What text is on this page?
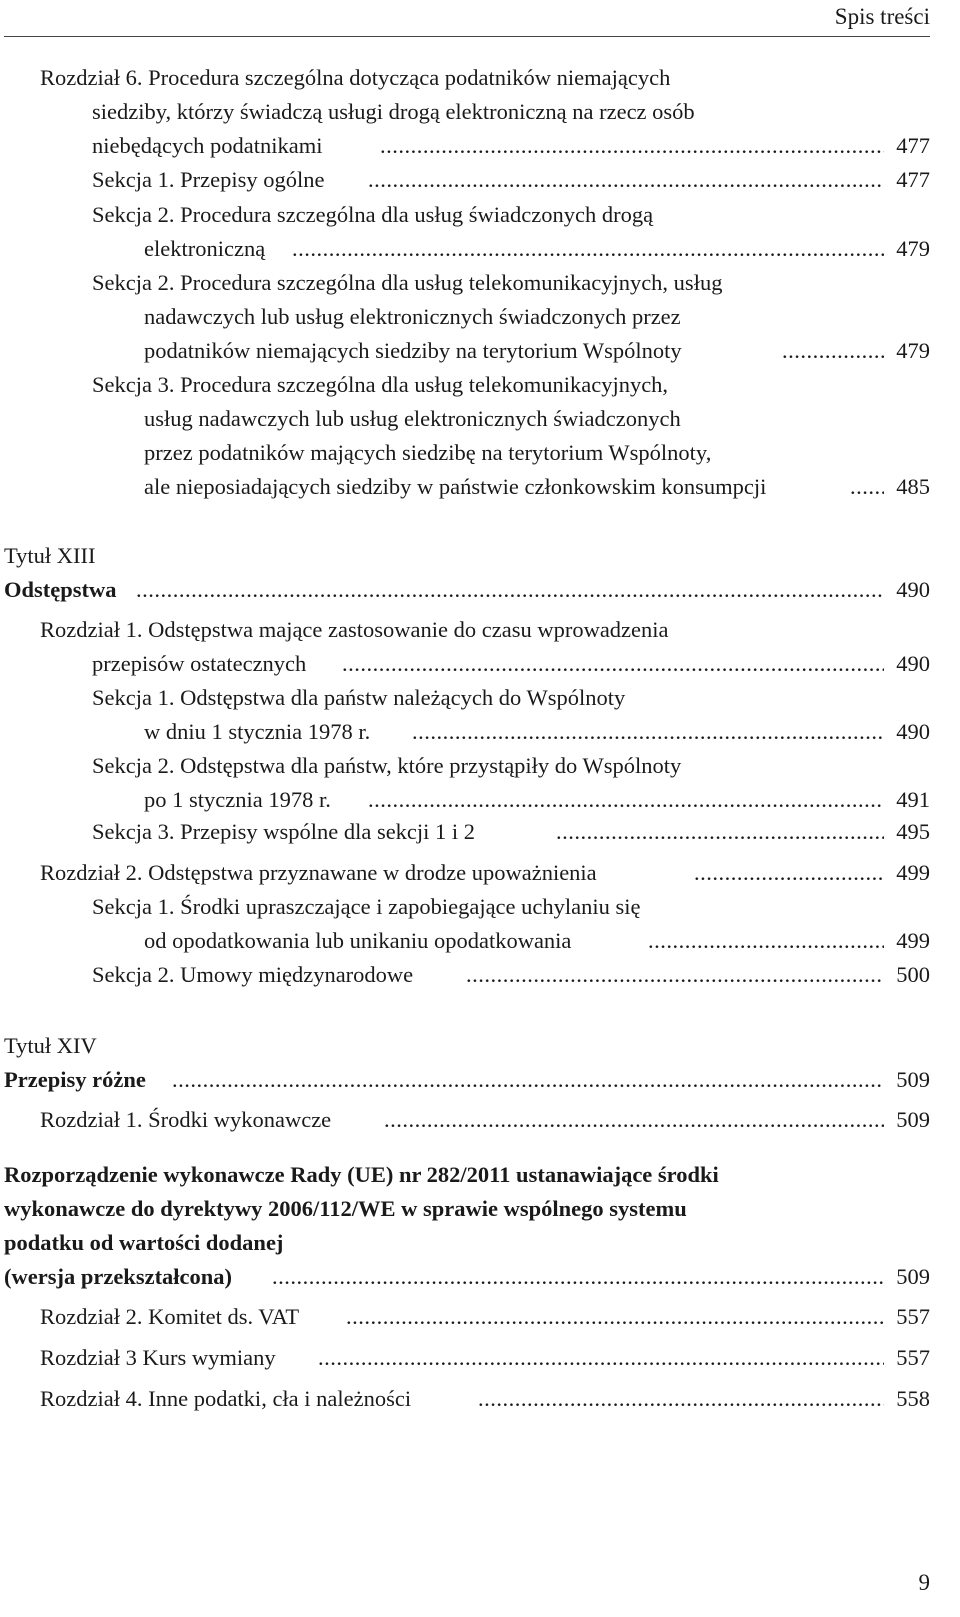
Spis treści
Rozdział 6. Procedura szczególna dotycząca podatników niemających
siedziby, którzy świadczą usługi drogą elektroniczną na rzecz osób
niebędących podatnikami .....	477
Sekcja 1. Przepisy ogólne .....	477
Sekcja 2. Procedura szczególna dla usług świadczonych drogą
elektroniczną .....	479
Sekcja 2. Procedura szczególna dla usług telekomunikacyjnych, usług
nadawczych lub usług elektronicznych świadczonych przez
podatników niemających siedziby na terytorium Wspólnoty .....	479
Sekcja 3. Procedura szczególna dla usług telekomunikacyjnych,
usług nadawczych lub usług elektronicznych świadczonych
przez podatników mających siedzibę na terytorium Wspólnoty,
ale nieposiadających siedziby w państwie członkowskim konsumpcji .....	485
Tytuł XIII
Odstępstwa .....	490
Rozdział 1. Odstępstwa mające zastosowanie do czasu wprowadzenia
przepisów ostatecznych .....	490
Sekcja 1. Odstępstwa dla państw należących do Wspólnoty
w dniu 1 stycznia 1978 r. .....	490
Sekcja 2. Odstępstwa dla państw, które przystąpiły do Wspólnoty
po 1 stycznia 1978 r. .....	491
Sekcja 3. Przepisy wspólne dla sekcji 1 i 2 .....	495
Rozdział 2. Odstępstwa przyznawane w drodze upoważnienia .....	499
Sekcja 1. Środki upraszczające i zapobiegające uchylaniu się
od opodatkowania lub unikaniu opodatkowania .....	499
Sekcja 2. Umowy międzynarodowe .....	500
Tytuł XIV
Przepisy różne .....	509
Rozdział 1. Środki wykonawcze .....	509
Rozporządzenie wykonawcze Rady (UE) nr 282/2011 ustanawiające środki
wykonawcze do dyrektywy 2006/112/WE w sprawie wspólnego systemu
podatku od wartości dodanej
(wersja przekształcona) .....	509
Rozdział 2. Komitet ds. VAT .....	557
Rozdział 3 Kurs wymiany .....	557
Rozdział 4. Inne podatki, cła i należności .....	558
9
